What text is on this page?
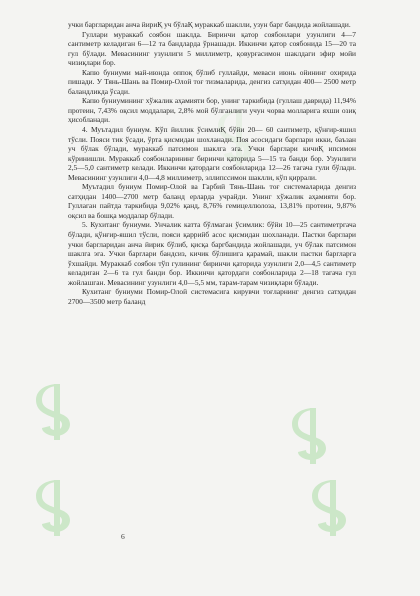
учки баргларидан анча йириҚ уч бўлаҚ мураккаб шаклли, узун барг бандида жойлашади.

Гуллари мураккаб соябон шаклда. Биринчи қатор соябонлари узунлиги 4—7 сантиметр келадиган 6—12 та бандларда ўрнашади. Иккинчи қатор соябонида 15—20 та гул бўлади. Мевасининг узунлиги 5 миллиметр, қовурғасимон шаклдаги эфир мойи чизиқлари бор.

Капю буниуми май-июнда оппоқ бўлиб гуллайди, меваси июнь ойининг охирида пишади. У Тянь-Шань ва Помир-Олой тоғ тизмаларида, денгиз сатҳидан 400— 2500 метр баландликда ўсади.

Капю буниумининг хўжалик аҳамияти бор, унинг таркибида (гуллаш даврида) 11,94% протеин, 7,43% оқсил моддалари, 2,8% мой бўлганлиги учун чорва молларига яхши озиқ ҳисобланади.

4. Муътадил буниум. Кўп йиллик ўсимлиҚ бўйи 20— 60 сантиметр, қўнғир-яшил тўсли. Пояси тик ўсади, ўрта қисмидан шохланади. Поя асосидаги барглари икки, баъзан уч бўлак бўлади, мураккаб патсимон шаклга эга. Учки барглари кичиҚ ипсимон кўринишли. Мураккаб соябонларининг биринчи қаторида 5—15 та банди бор. Узунлиги 2,5—5,0 сантиметр келади. Иккинчи қатордаги соябонларида 12—26 тагача гули бўлади. Мевасининг узунлиги 4,0—4,8 миллиметр, эллипссимон шаклли, кўп қиррали.

Муътадил буниум Помир-Олой ва Гарбий Тянь-Шань тоғ системаларида денгиз сатҳидан 1400—2700 метр баланд ерларда учрайди. Унинг хўжалик аҳамияти бор. Гуллаган пайтда таркибида 9,02% қанд, 8,76% гемицеллюлоза, 13,81% протеин, 9,87% оқсил ва бошқа моддалар бўлади.

5. Кухитанг буниуми. Унчалик катта бўлмаган ўсимлик: бўйи 10—25 сантиметргача бўлади, қўнғир-яшил тўсли, пояси қаррийб асос қисмидан шохланади. Пастки барглари учки баргларидан анча йирик бўлиб, қисқа баргбандида жойлашади, уч бўлак патсимон шаклга эга. Учки барглари бандсиз, кичик бўлишига қарамай, шакли пастки баргларга ўхшайди. Мураккаб соябон тўп гулининг биринчи қаторида узунлиги 2,0—4,5 сантиметр келадиган 2—6 та гул банди бор. Иккинчи қатордаги соябонларида 2—18 тагача гул жойлашган. Мевасининг узунлиги 4,0—5,5 мм, тарам-тарам чизиқлари бўлади.

Кухитанг буниуми Помир-Олой системасига кирувчи тоғларнинг денгиз сатҳидан 2700—3500 метр баланд

6
